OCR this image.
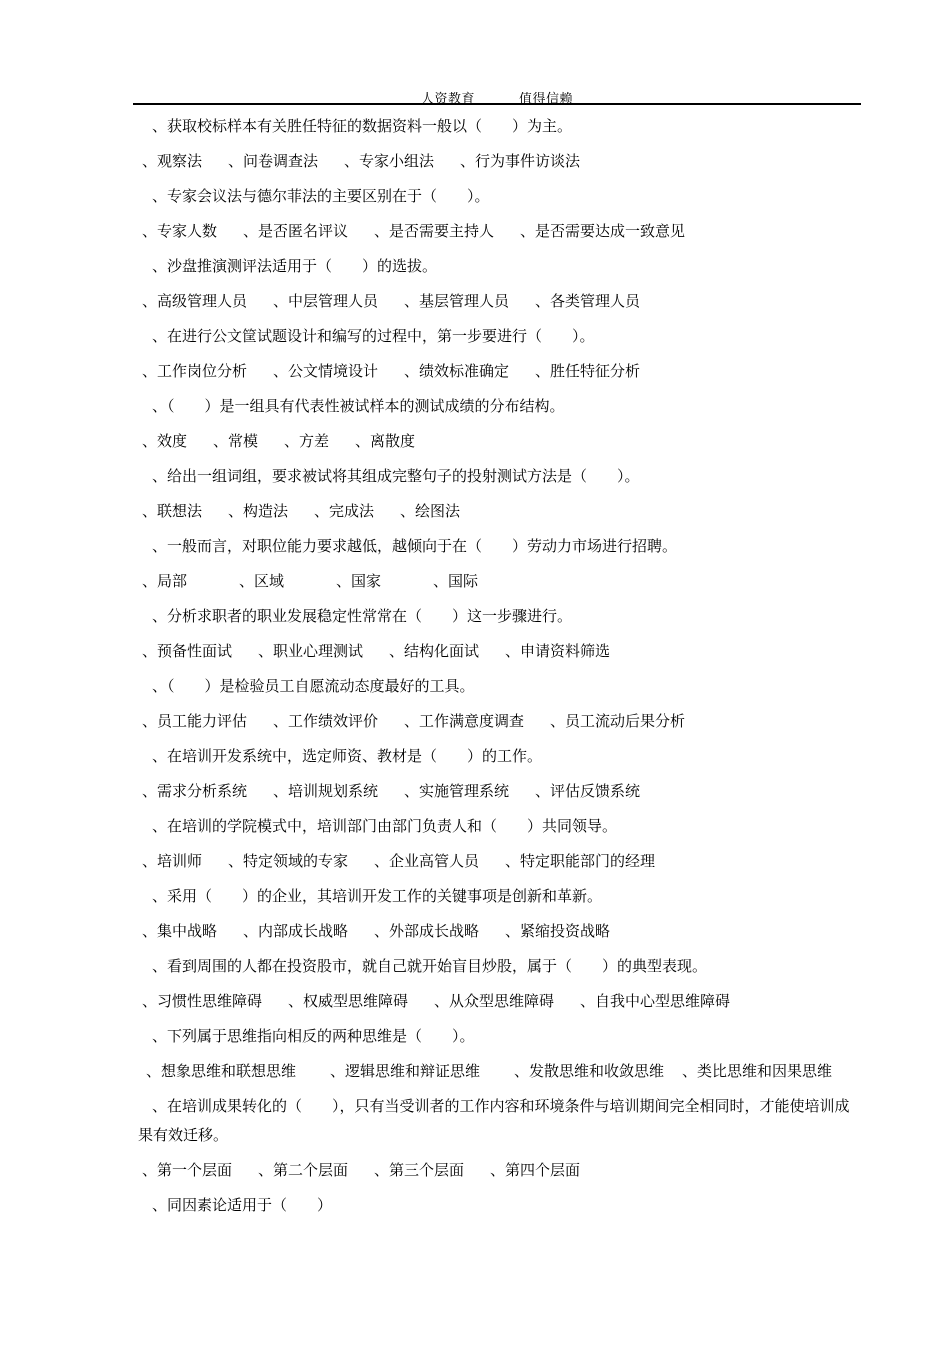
人资教育	值得信赖
、获取校标样本有关胜任特征的数据资料一般以（　　）为主。
、观察法 、问卷调查法 、专家小组法 、行为事件访谈法
、专家会议法与德尔菲法的主要区别在于（　　）。
、专家人数 、是否匿名评议 、是否需要主持人 、是否需要达成一致意见
、沙盘推演测评法适用于（　　）的选拔。
、高级管理人员 、中层管理人员 、基层管理人员 、各类管理人员
、在进行公文筐试题设计和编写的过程中，第一步要进行（　　）。
、工作岗位分析 、公文情境设计 、绩效标准确定 、胜任特征分析
、（　　）是一组具有代表性被试样本的测试成绩的分布结构。
、效度 、常模 、方差 、离散度
、给出一组词组，要求被试将其组成完整句子的投射测试方法是（　　）。
、联想法 、构造法 、完成法 、绘图法
、一般而言，对职位能力要求越低，越倾向于在（　　）劳动力市场进行招聘。
、局部	、区域	、国家	、国际
、分析求职者的职业发展稳定性常常在（　　）这一步骤进行。
、预备性面试 、职业心理测试 、结构化面试 、申请资料筛选
、（　　）是检验员工自愿流动态度最好的工具。
、员工能力评估 、工作绩效评价 、工作满意度调查 、员工流动后果分析
、在培训开发系统中，选定师资、教材是（　　）的工作。
、需求分析系统 、培训规划系统 、实施管理系统 、评估反馈系统
、在培训的学院模式中，培训部门由部门负责人和（　　）共同领导。
、培训师 、特定领域的专家 、企业高管人员 、特定职能部门的经理
、采用（　　）的企业，其培训开发工作的关键事项是创新和革新。
、集中战略 、内部成长战略 、外部成长战略 、紧缩投资战略
、看到周围的人都在投资股市，就自己就开始盲目炒股，属于（　　）的典型表现。
、习惯性思维障碍 、权威型思维障碍 、从众型思维障碍 、自我中心型思维障碍
、下列属于思维指向相反的两种思维是（　　）。
、想象思维和联想思维 、逻辑思维和辩证思维 、发散思维和收敛思维 、类比思维和因果思维
、在培训成果转化的（　　），只有当受训者的工作内容和环境条件与培训期间完全相同时，才能使培训成果有效迁移。
、第一个层面 、第二个层面 、第三个层面 、第四个层面
、同因素论适用于（　　）
